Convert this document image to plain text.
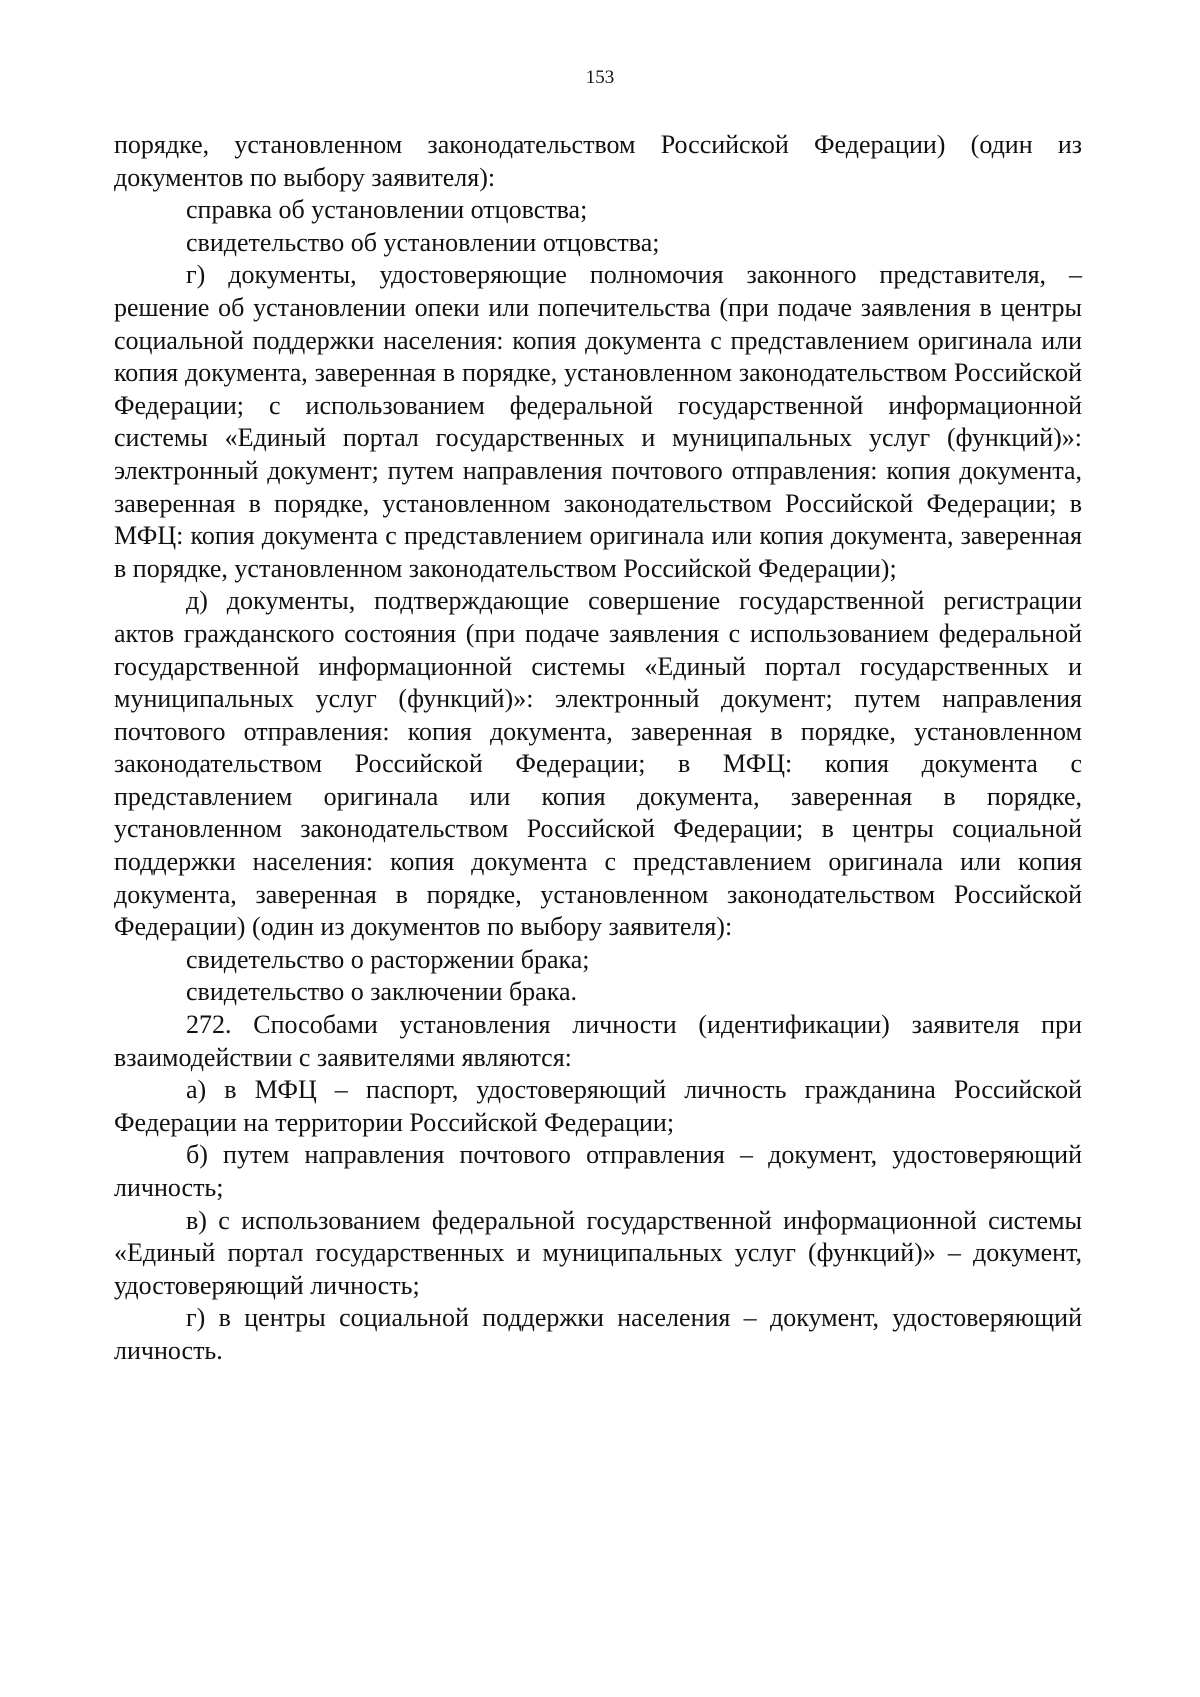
153

порядке, установленном законодательством Российской Федерации) (один из документов по выбору заявителя):

справка об установлении отцовства;

свидетельство об установлении отцовства;

г) документы, удостоверяющие полномочия законного представителя, – решение об установлении опеки или попечительства (при подаче заявления в центры социальной поддержки населения: копия документа с представлением оригинала или копия документа, заверенная в порядке, установленном законодательством Российской Федерации; с использованием федеральной государственной информационной системы «Единый портал государственных и муниципальных услуг (функций)»: электронный документ; путем направления почтового отправления: копия документа, заверенная в порядке, установленном законодательством Российской Федерации; в МФЦ: копия документа с представлением оригинала или копия документа, заверенная в порядке, установленном законодательством Российской Федерации);

д) документы, подтверждающие совершение государственной регистрации актов гражданского состояния (при подаче заявления с использованием федеральной государственной информационной системы «Единый портал государственных и муниципальных услуг (функций)»: электронный документ; путем направления почтового отправления: копия документа, заверенная в порядке, установленном законодательством Российской Федерации; в МФЦ: копия документа с представлением оригинала или копия документа, заверенная в порядке, установленном законодательством Российской Федерации; в центры социальной поддержки населения: копия документа с представлением оригинала или копия документа, заверенная в порядке, установленном законодательством Российской Федерации) (один из документов по выбору заявителя):

свидетельство о расторжении брака;

свидетельство о заключении брака.

272. Способами установления личности (идентификации) заявителя при взаимодействии с заявителями являются:

а) в МФЦ – паспорт, удостоверяющий личность гражданина Российской Федерации на территории Российской Федерации;

б) путем направления почтового отправления – документ, удостоверяющий личность;

в) с использованием федеральной государственной информационной системы «Единый портал государственных и муниципальных услуг (функций)» – документ, удостоверяющий личность;

г) в центры социальной поддержки населения – документ, удостоверяющий личность.
